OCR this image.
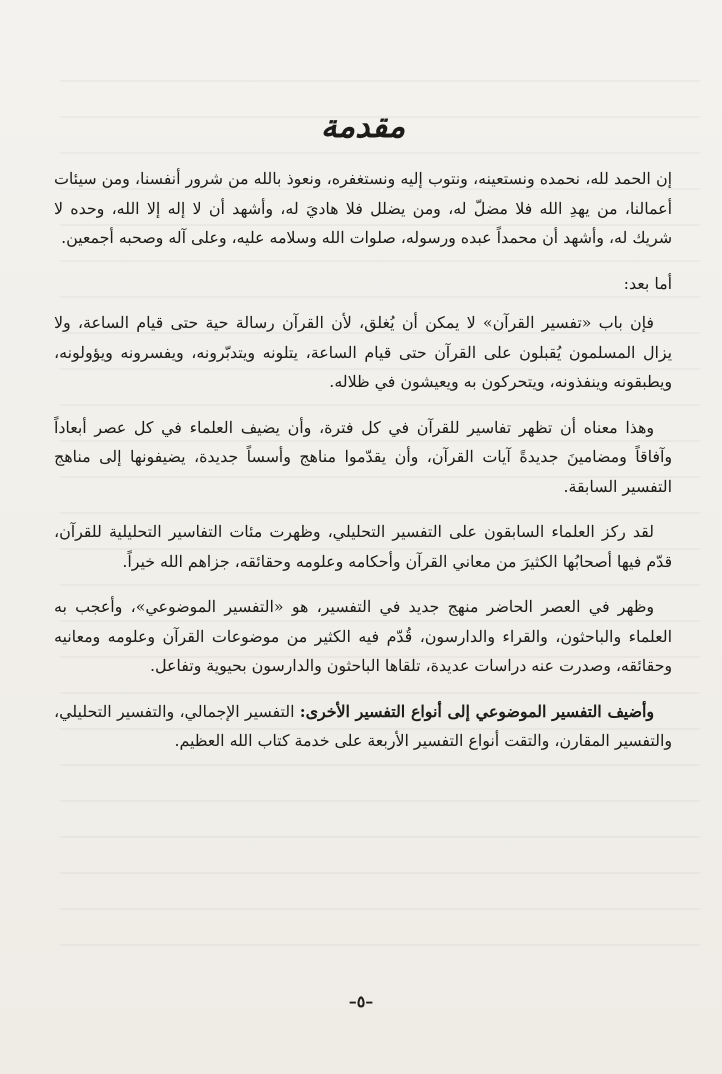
مقدمة

إن الحمد لله، نحمده ونستعينه، ونتوب إليه ونستغفره، ونعوذ بالله من شرور أنفسنا، ومن سيئات أعمالنا، من يهدِ الله فلا مضلّ له، ومن يضلل فلا هاديَ له، وأشهد أن لا إله إلا الله، وحده لا شريك له، وأشهد أن محمداً عبده ورسوله، صلوات الله وسلامه عليه، وعلى آله وصحبه أجمعين.

أما بعد:

فإن باب «تفسير القرآن» لا يمكن أن يُغلق، لأن القرآن رسالة حية حتى قيام الساعة، ولا يزال المسلمون يُقبلون على القرآن حتى قيام الساعة، يتلونه ويتدبّرونه، ويفسرونه ويؤولونه، ويطبقونه وينفذونه، ويتحركون به ويعيشون في ظلاله.

وهذا معناه أن تظهر تفاسير للقرآن في كل فترة، وأن يضيف العلماء في كل عصر أبعاداً وآفاقاً ومضامينَ جديدةً آيات القرآن، وأن يقدّموا مناهج وأسساً جديدة، يضيفونها إلى مناهج التفسير السابقة.

لقد ركز العلماء السابقون على التفسير التحليلي، وظهرت مئات التفاسير التحليلية للقرآن، قدّم فيها أصحابُها الكثيرَ من معاني القرآن وأحكامه وعلومه وحقائقه، جزاهم الله خيراً.

وظهر في العصر الحاضر منهج جديد في التفسير، هو «التفسير الموضوعي»، وأعجب به العلماء والباحثون، والقراء والدارسون، قُدّم فيه الكثير من موضوعات القرآن وعلومه ومعانيه وحقائقه، وصدرت عنه دراسات عديدة، تلقاها الباحثون والدارسون بحيوية وتفاعل.

وأضيف التفسير الموضوعي إلى أنواع التفسير الأخرى: التفسير الإجمالي، والتفسير التحليلي، والتفسير المقارن، والتقت أنواع التفسير الأربعة على خدمة كتاب الله العظيم.

–٥–
